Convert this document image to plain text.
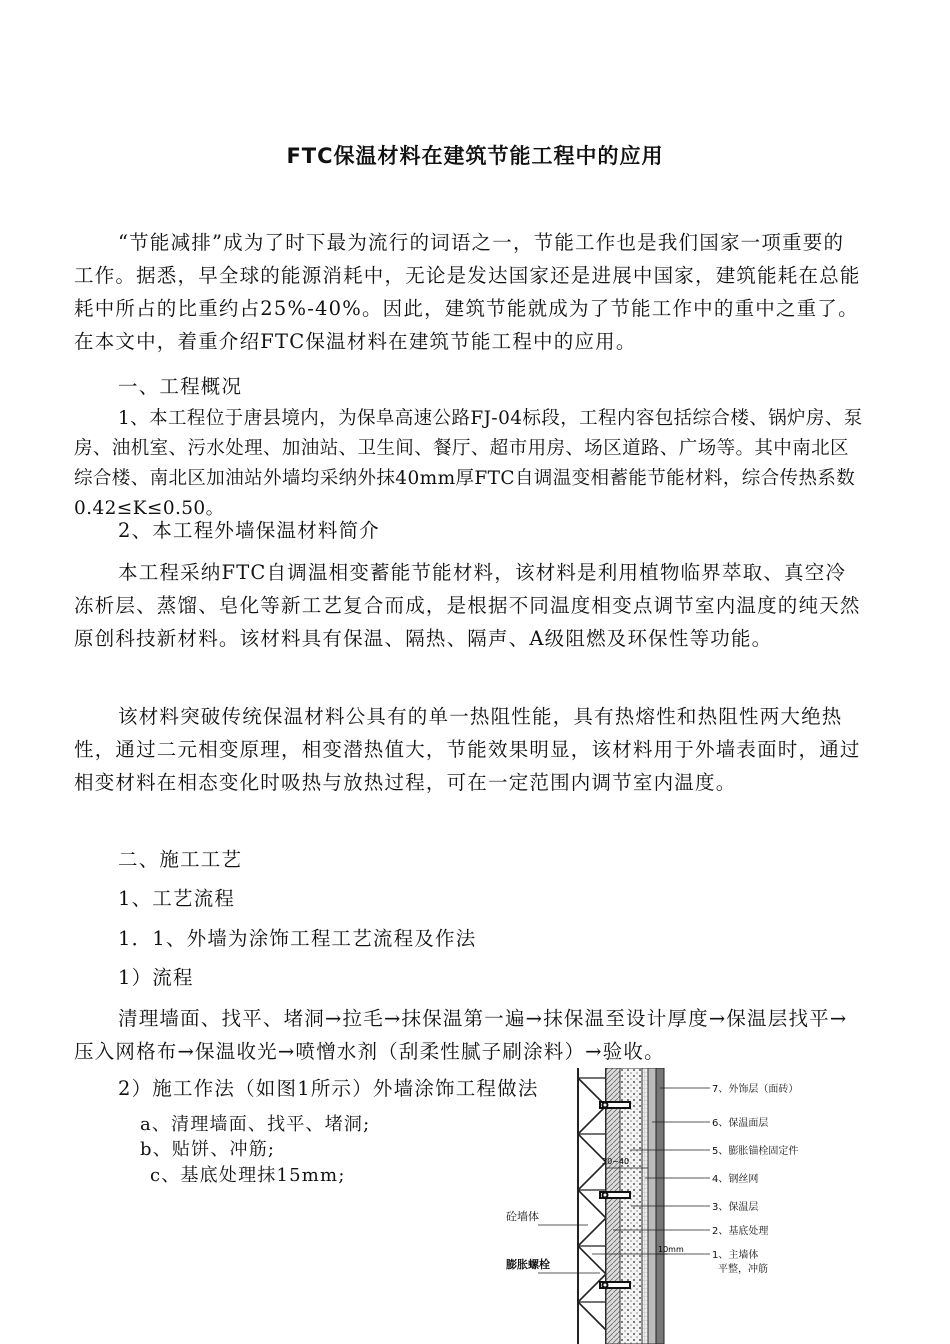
FTC保温材料在建筑节能工程中的应用

“节能减排”成为了时下最为流行的词语之一，节能工作也是我们国家一项重要的工作。据悉，早全球的能源消耗中，无论是发达国家还是进展中国家，建筑能耗在总能耗中所占的比重约占25%-40%。因此，建筑节能就成为了节能工作中的重中之重了。在本文中，着重介绍FTC保温材料在建筑节能工程中的应用。

一、工程概况

1、本工程位于唐县境内，为保阜高速公路FJ-04标段，工程内容包括综合楼、锅炉房、泵房、油机室、污水处理、加油站、卫生间、餐厅、超市用房、场区道路、广场等。其中南北区综合楼、南北区加油站外墙均采纳外抹40mm厚FTC自调温变相蓄能节能材料，综合传热系数0.42≤K≤0.50。

2、本工程外墙保温材料简介

本工程采纳FTC自调温相变蓄能节能材料，该材料是利用植物临界萃取、真空冷冻析层、蒸馏、皂化等新工艺复合而成，是根据不同温度相变点调节室内温度的纯天然原创科技新材料。该材料具有保温、隔热、隔声、A级阻燃及环保性等功能。

该材料突破传统保温材料公具有的单一热阻性能，具有热熔性和热阻性两大绝热性，通过二元相变原理，相变潜热值大，节能效果明显，该材料用于外墙表面时，通过相变材料在相态变化时吸热与放热过程，可在一定范围内调节室内温度。

二、施工工艺
1、工艺流程
1．1、外墙为涂饰工程工艺流程及作法
1）流程

清理墙面、找平、堵洞→拉毛→抹保温第一遍→抹保温至设计厚度→保温层找平→压入网格布→保温收光→喷憎水剂（刮柔性腻子刷涂料）→验收。

2）施工作法（如图1所示）外墙涂饰工程做法
a、清理墙面、找平、堵洞;
b、贴饼、冲筋;
c、基底处理抹15mm;
30~40
10mm
7、外饰层（面砖）
6、保温面层
5、膨胀锚栓固定件
4、钢丝网
3、保温层
2、基底处理
1、主墙体
平整，冲筋
砼墙体
膨胀螺栓
